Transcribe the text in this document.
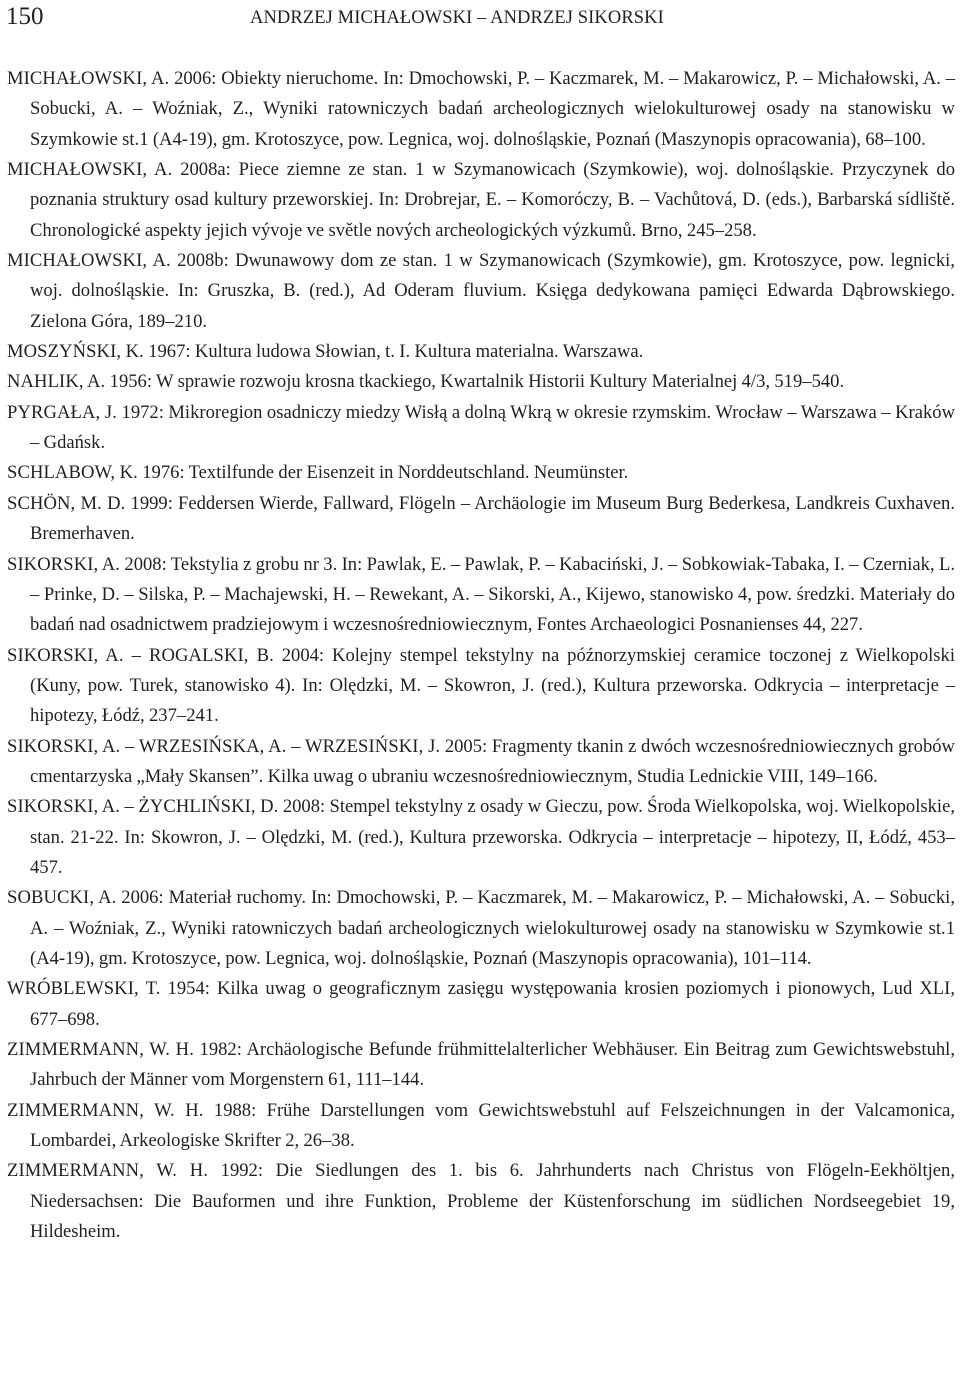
150	ANDRZEJ MICHAŁOWSKI – ANDRZEJ SIKORSKI

MICHAŁOWSKI, A. 2006: Obiekty nieruchome. In: Dmochowski, P. – Kaczmarek, M. – Makarowicz, P. – Michałowski, A. – Sobucki, A. – Woźniak, Z., Wyniki ratowniczych badań archeologicznych wielokulturowej osady na stanowisku w Szymkowie st.1 (A4-19), gm. Krotoszyce, pow. Legnica, woj. dolnośląskie, Poznań (Maszynopis opracowania), 68–100.

MICHAŁOWSKI, A. 2008a: Piece ziemne ze stan. 1 w Szymanowicach (Szymkowie), woj. dolnośląskie. Przyczynek do poznania struktury osad kultury przeworskiej. In: Drobrejar, E. – Komoróczy, B. – Vachůtová, D. (eds.), Barbarská sídliště. Chronologické aspekty jejich vývoje ve světle nových archeologických výzkumů. Brno, 245–258.

MICHAŁOWSKI, A. 2008b: Dwunawowy dom ze stan. 1 w Szymanowicach (Szymkowie), gm. Krotoszyce, pow. legnicki, woj. dolnośląskie. In: Gruszka, B. (red.), Ad Oderam fluvium. Księga dedykowana pamięci Edwarda Dąbrowskiego. Zielona Góra, 189–210.

MOSZYŃSKI, K. 1967: Kultura ludowa Słowian, t. I. Kultura materialna. Warszawa.

NAHLIK, A. 1956: W sprawie rozwoju krosna tkackiego, Kwartalnik Historii Kultury Materialnej 4/3, 519–540.

PYRGAŁA, J. 1972: Mikroregion osadniczy miedzy Wisłą a dolną Wkrą w okresie rzymskim. Wrocław – Warszawa – Kraków – Gdańsk.

SCHLABOW, K. 1976: Textilfunde der Eisenzeit in Norddeutschland. Neumünster.

SCHÖN, M. D. 1999: Feddersen Wierde, Fallward, Flögeln – Archäologie im Museum Burg Bederkesa, Landkreis Cuxhaven. Bremerhaven.

SIKORSKI, A. 2008: Tekstylia z grobu nr 3. In: Pawlak, E. – Pawlak, P. – Kabaciński, J. – Sobkowiak-Tabaka, I. – Czerniak, L. – Prinke, D. – Silska, P. – Machajewski, H. – Rewekant, A. – Sikorski, A., Kijewo, stanowisko 4, pow. średzki. Materiały do badań nad osadnictwem pradziejowym i wczesnośredniowiecznym, Fontes Archaeologici Posnanienses 44, 227.

SIKORSKI, A. – ROGALSKI, B. 2004: Kolejny stempel tekstylny na późnorzymskiej ceramice toczonej z Wielkopolski (Kuny, pow. Turek, stanowisko 4). In: Olędzki, M. – Skowron, J. (red.), Kultura przeworska. Odkrycia – interpretacje – hipotezy, Łódź, 237–241.

SIKORSKI, A. – WRZESIŃSKA, A. – WRZESIŃSKI, J. 2005: Fragmenty tkanin z dwóch wczesnośredniowiecznych grobów cmentarzyska „Mały Skansen”. Kilka uwag o ubraniu wczesnośredniowiecznym, Studia Lednickie VIII, 149–166.

SIKORSKI, A. – ŻYCHLIŃSKI, D. 2008: Stempel tekstylny z osady w Gieczu, pow. Środa Wielkopolska, woj. Wielkopolskie, stan. 21-22. In: Skowron, J. – Olędzki, M. (red.), Kultura przeworska. Odkrycia – interpretacje – hipotezy, II, Łódź, 453–457.

SOBUCKI, A. 2006: Materiał ruchomy. In: Dmochowski, P. – Kaczmarek, M. – Makarowicz, P. – Michałowski, A. – Sobucki, A. – Woźniak, Z., Wyniki ratowniczych badań archeologicznych wielokulturowej osady na stanowisku w Szymkowie st.1 (A4-19), gm. Krotoszyce, pow. Legnica, woj. dolnośląskie, Poznań (Maszynopis opracowania), 101–114.

WRÓBLEWSKI, T. 1954: Kilka uwag o geograficznym zasięgu występowania krosien poziomych i pionowych, Lud XLI, 677–698.

ZIMMERMANN, W. H. 1982: Archäologische Befunde frühmittelalterlicher Webhäuser. Ein Beitrag zum Gewichtswebstuhl, Jahrbuch der Männer vom Morgenstern 61, 111–144.

ZIMMERMANN, W. H. 1988: Frühe Darstellungen vom Gewichtswebstuhl auf Felszeichnungen in der Valcamonica, Lombardei, Arkeologiske Skrifter 2, 26–38.

ZIMMERMANN, W. H. 1992: Die Siedlungen des 1. bis 6. Jahrhunderts nach Christus von Flögeln-Eekhöltjen, Niedersachsen: Die Bauformen und ihre Funktion, Probleme der Küstenforschung im südlichen Nordseegebiet 19, Hildesheim.
